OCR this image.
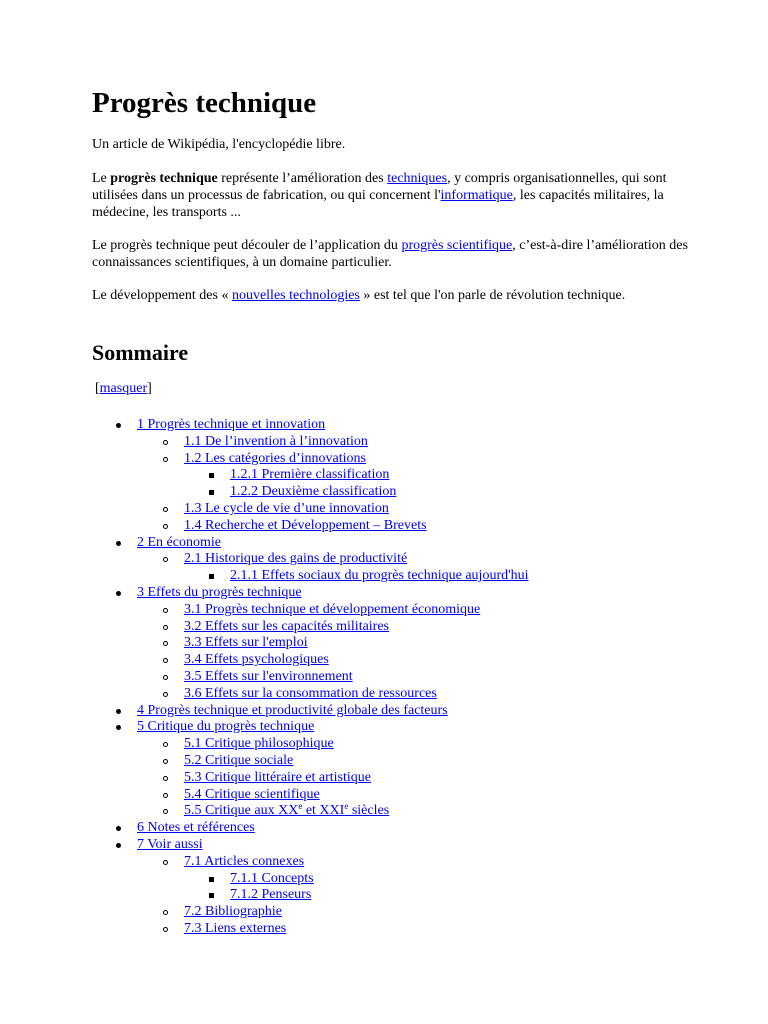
Progrès technique

Un article de Wikipédia, l'encyclopédie libre.

Le progrès technique représente l’amélioration des techniques, y compris organisationnelles, qui sont utilisées dans un processus de fabrication, ou qui concernent l'informatique, les capacités militaires, la médecine, les transports ...

Le progrès technique peut découler de l’application du progrès scientifique, c’est-à-dire l’amélioration des connaissances scientifiques, à un domaine particulier.

Le développement des « nouvelles technologies » est tel que l'on parle de révolution technique.

Sommaire
[masquer]
1 Progrès technique et innovation
1.1 De l’invention à l’innovation
1.2 Les catégories d’innovations
1.2.1 Première classification
1.2.2 Deuxième classification
1.3 Le cycle de vie d’une innovation
1.4 Recherche et Développement – Brevets
2 En économie
2.1 Historique des gains de productivité
2.1.1 Effets sociaux du progrès technique aujourd'hui
3 Effets du progrès technique
3.1 Progrès technique et développement économique
3.2 Effets sur les capacités militaires
3.3 Effets sur l'emploi
3.4 Effets psychologiques
3.5 Effets sur l'environnement
3.6 Effets sur la consommation de ressources
4 Progrès technique et productivité globale des facteurs
5 Critique du progrès technique
5.1 Critique philosophique
5.2 Critique sociale
5.3 Critique littéraire et artistique
5.4 Critique scientifique
5.5 Critique aux XXe et XXIe siècles
6 Notes et références
7 Voir aussi
7.1 Articles connexes
7.1.1 Concepts
7.1.2 Penseurs
7.2 Bibliographie
7.3 Liens externes
